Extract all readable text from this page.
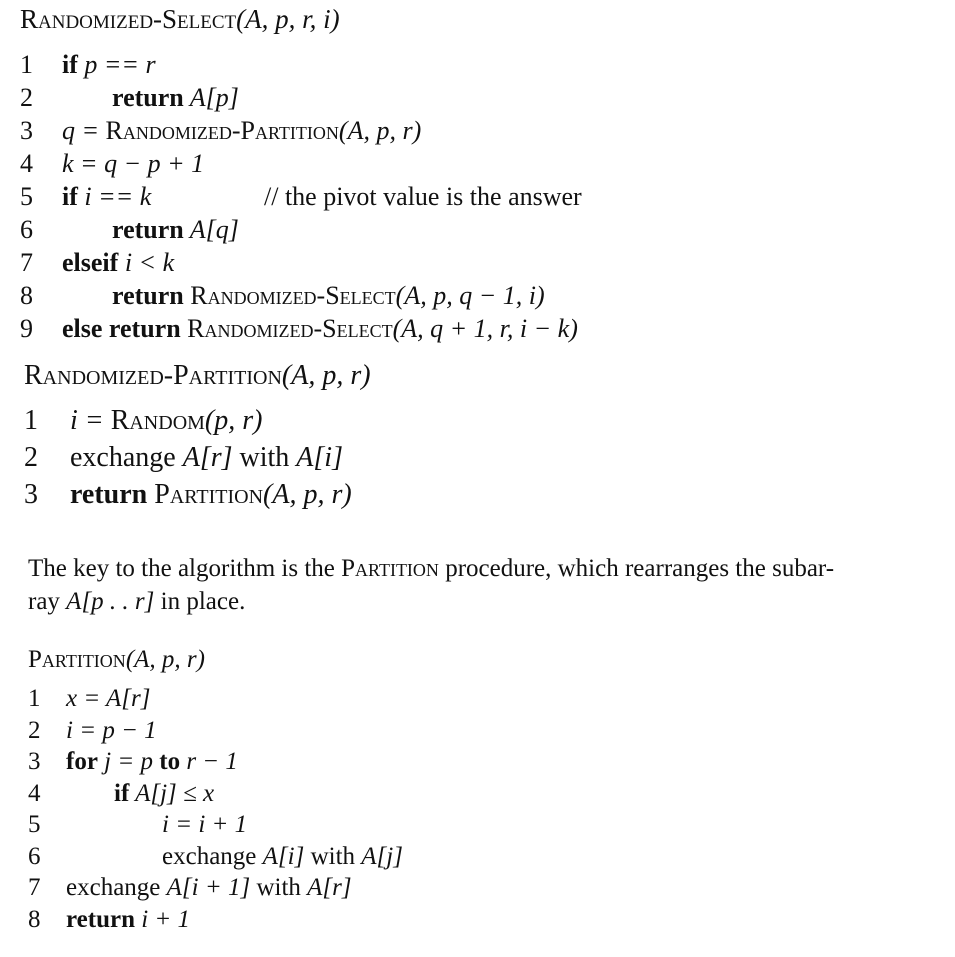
Randomized-Select(A, p, r, i)
1 if p == r
2	return A[p]
3 q = Randomized-Partition(A, p, r)
4 k = q − p + 1
5 if i == k	// the pivot value is the answer
6	return A[q]
7 elseif i < k
8	return Randomized-Select(A, p, q − 1, i)
9 else return Randomized-Select(A, q + 1, r, i − k)
Randomized-Partition(A, p, r)
1 i = Random(p, r)
2 exchange A[r] with A[i]
3 return Partition(A, p, r)
The key to the algorithm is the Partition procedure, which rearranges the subar-
ray A[p . . r] in place.
Partition(A, p, r)
1 x = A[r]
2 i = p − 1
3 for j = p to r − 1
4	if A[j] ≤ x
5	i = i + 1
6	exchange A[i] with A[j]
7 exchange A[i + 1] with A[r]
8 return i + 1
